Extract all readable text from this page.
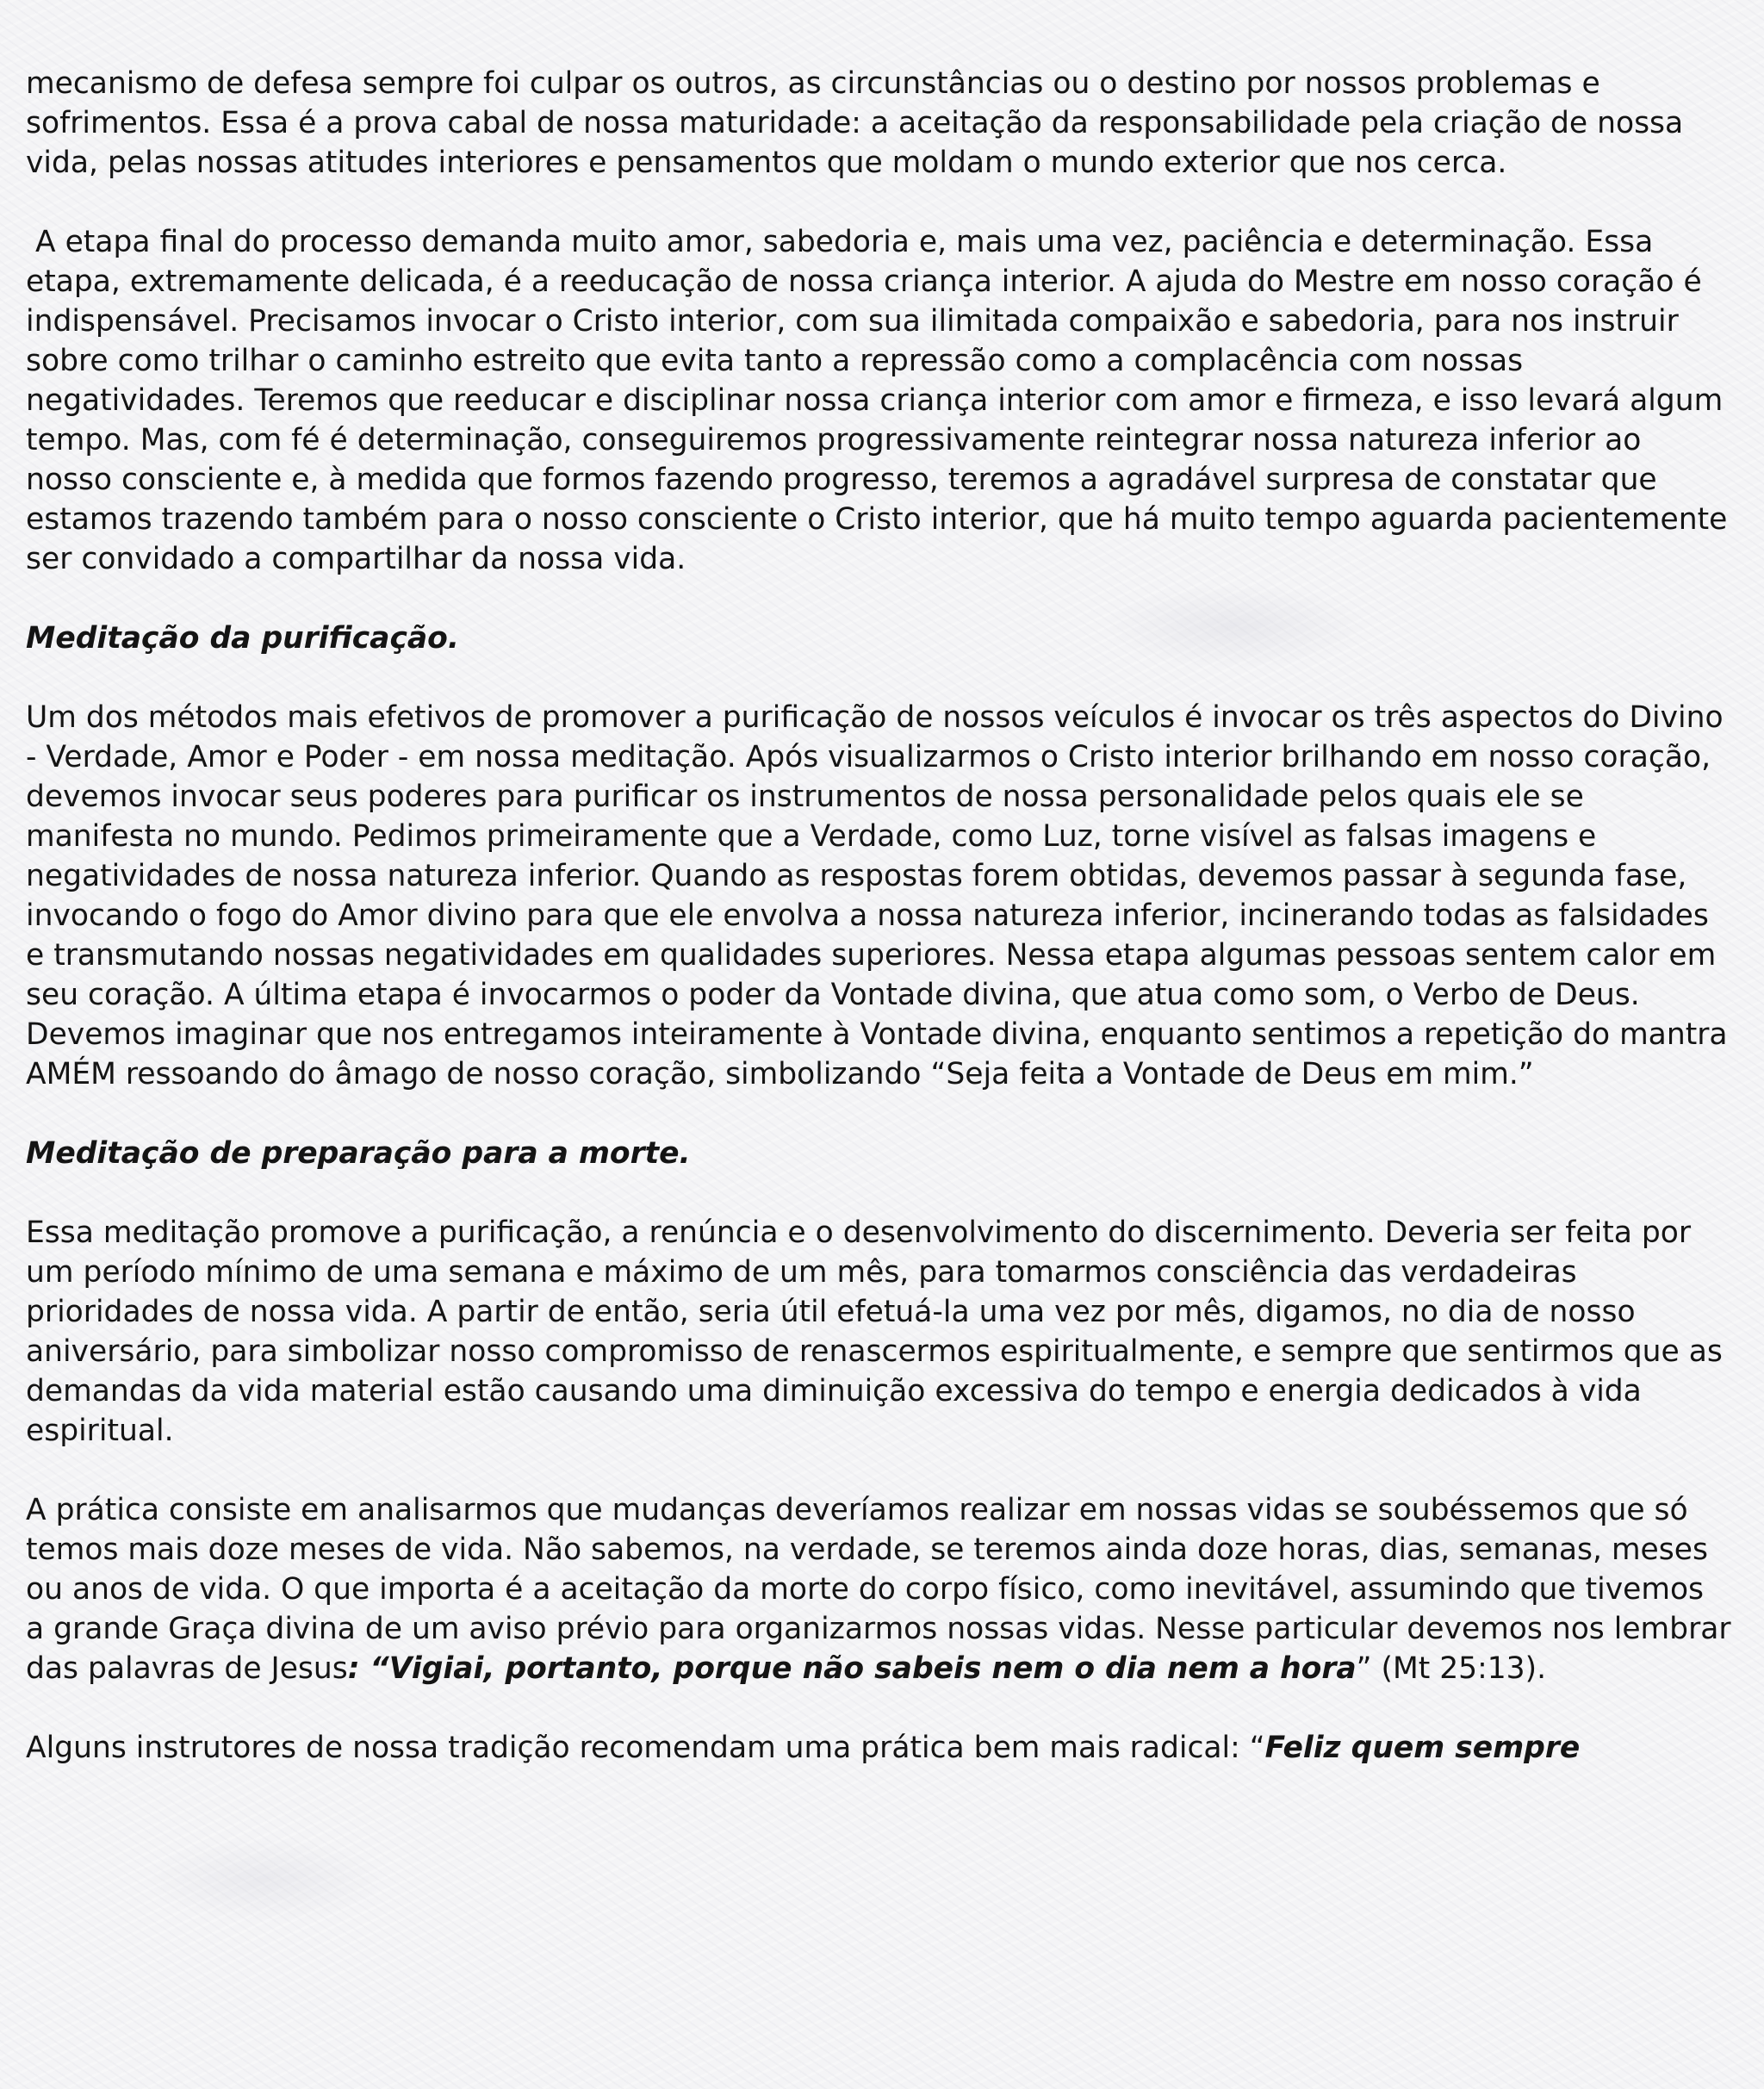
mecanismo de defesa sempre foi culpar os outros, as circunstâncias ou o destino por nossos problemas e sofrimentos. Essa é a prova cabal de nossa maturidade: a aceitação da responsabilidade pela criação de nossa vida, pelas nossas atitudes interiores e pensamentos que moldam o mundo exterior que nos cerca.

A etapa final do processo demanda muito amor, sabedoria e, mais uma vez, paciência e determinação. Essa etapa, extremamente delicada, é a reeducação de nossa criança interior. A ajuda do Mestre em nosso coração é indispensável. Precisamos invocar o Cristo interior, com sua ilimitada compaixão e sabedoria, para nos instruir sobre como trilhar o caminho estreito que evita tanto a repressão como a complacência com nossas negatividades. Teremos que reeducar e disciplinar nossa criança interior com amor e firmeza, e isso levará algum tempo. Mas, com fé é determinação, conseguiremos progressivamente reintegrar nossa natureza inferior ao nosso consciente e, à medida que formos fazendo progresso, teremos a agradável surpresa de constatar que estamos trazendo também para o nosso consciente o Cristo interior, que há muito tempo aguarda pacientemente ser convidado a compartilhar da nossa vida.

Meditação da purificação.

Um dos métodos mais efetivos de promover a purificação de nossos veículos é invocar os três aspectos do Divino - Verdade, Amor e Poder - em nossa meditação. Após visualizarmos o Cristo interior brilhando em nosso coração, devemos invocar seus poderes para purificar os instrumentos de nossa personalidade pelos quais ele se manifesta no mundo. Pedimos primeiramente que a Verdade, como Luz, torne visível as falsas imagens e negatividades de nossa natureza inferior. Quando as respostas forem obtidas, devemos passar à segunda fase, invocando o fogo do Amor divino para que ele envolva a nossa natureza inferior, incinerando todas as falsidades e transmutando nossas negatividades em qualidades superiores. Nessa etapa algumas pessoas sentem calor em seu coração. A última etapa é invocarmos o poder da Vontade divina, que atua como som, o Verbo de Deus. Devemos imaginar que nos entregamos inteiramente à Vontade divina, enquanto sentimos a repetição do mantra AMÉM ressoando do âmago de nosso coração, simbolizando “Seja feita a Vontade de Deus em mim.”

Meditação de preparação para a morte.

Essa meditação promove a purificação, a renúncia e o desenvolvimento do discernimento. Deveria ser feita por um período mínimo de uma semana e máximo de um mês, para tomarmos consciência das verdadeiras prioridades de nossa vida. A partir de então, seria útil efetuá-la uma vez por mês, digamos, no dia de nosso aniversário, para simbolizar nosso compromisso de renascermos espiritualmente, e sempre que sentirmos que as demandas da vida material estão causando uma diminuição excessiva do tempo e energia dedicados à vida espiritual.

A prática consiste em analisarmos que mudanças deveríamos realizar em nossas vidas se soubéssemos que só temos mais doze meses de vida. Não sabemos, na verdade, se teremos ainda doze horas, dias, semanas, meses ou anos de vida. O que importa é a aceitação da morte do corpo físico, como inevitável, assumindo que tivemos a grande Graça divina de um aviso prévio para organizarmos nossas vidas. Nesse particular devemos nos lembrar das palavras de Jesus: “Vigiai, portanto, porque não sabeis nem o dia nem a hora” (Mt 25:13).

Alguns instrutores de nossa tradição recomendam uma prática bem mais radical: “Feliz quem sempre
